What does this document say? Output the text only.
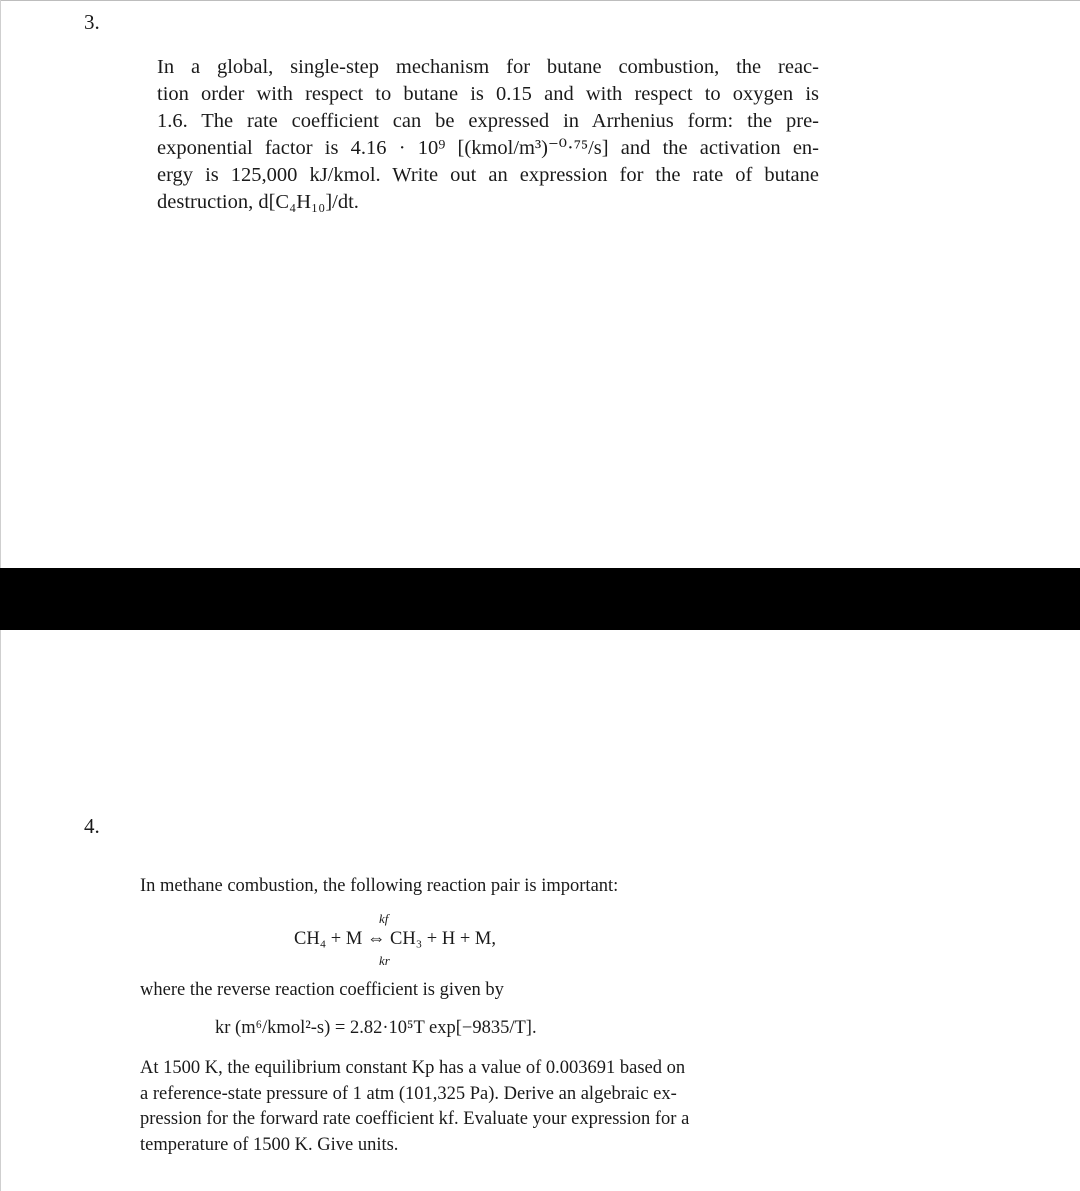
3.
In a global, single-step mechanism for butane combustion, the reac-
tion order with respect to butane is 0.15 and with respect to oxygen is
1.6. The rate coefficient can be expressed in Arrhenius form: the pre-
exponential factor is 4.16 · 10⁹ [(kmol/m³)⁻⁰·⁷⁵/s] and the activation en-
ergy is 125,000 kJ/kmol. Write out an expression for the rate of butane
destruction, d[C₄H₁₀]/dt.
4.
In methane combustion, the following reaction pair is important:
kf
CH₄ + M ⇔ CH₃ + H + M,
kr
where the reverse reaction coefficient is given by
kr (m⁶/kmol²-s) = 2.82·10⁵T exp[−9835/T].
At 1500 K, the equilibrium constant Kp has a value of 0.003691 based on
a reference-state pressure of 1 atm (101,325 Pa). Derive an algebraic ex-
pression for the forward rate coefficient kf. Evaluate your expression for a
temperature of 1500 K. Give units.
